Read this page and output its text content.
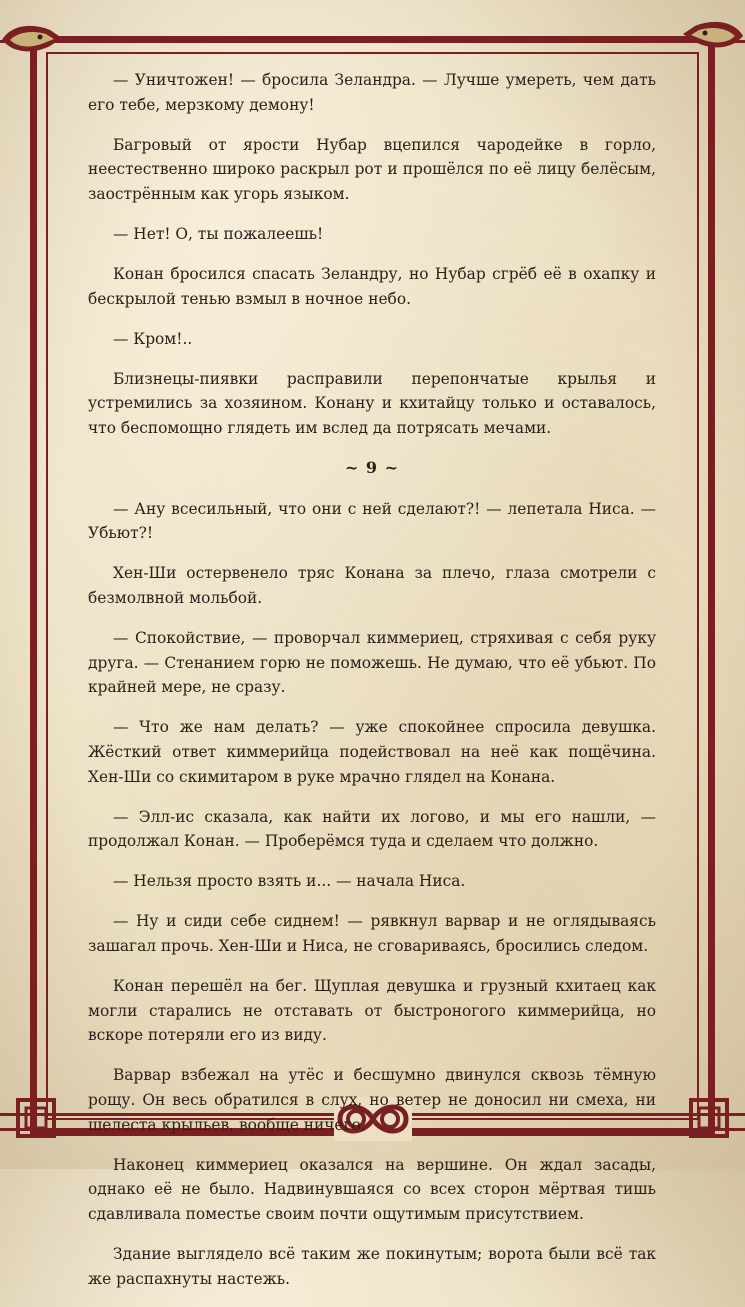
— Уничтожен! — бросила Зеландра. — Лучше умереть, чем дать его тебе, мерзкому демону!

Багровый от ярости Нубар вцепился чародейке в горло, неестественно широко раскрыл рот и прошёлся по её лицу белёсым, заострённым как угорь языком.

— Нет! О, ты пожалеешь!

Конан бросился спасать Зеландру, но Нубар сгрёб её в охапку и бескрылой тенью взмыл в ночное небо.

— Кром!..

Близнецы-пиявки расправили перепончатые крылья и устремились за хозяином. Конану и кхитайцу только и оставалось, что беспомощно глядеть им вслед да потрясать мечами.

~ 9 ~

— Ану всесильный, что они с ней сделают?! — лепетала Ниса. — Убьют?!

Хен-Ши остервенело тряс Конана за плечо, глаза смотрели с безмолвной мольбой.

— Спокойствие, — проворчал киммериец, стряхивая с себя руку друга. — Стенанием горю не поможешь. Не думаю, что её убьют. По крайней мере, не сразу.

— Что же нам делать? — уже спокойнее спросила девушка. Жёсткий ответ киммерийца подействовал на неё как пощёчина. Хен-Ши со скимитаром в руке мрачно глядел на Конана.

— Элл-ис сказала, как найти их логово, и мы его нашли, — продолжал Конан. — Проберёмся туда и сделаем что должно.

— Нельзя просто взять и... — начала Ниса.

— Ну и сиди себе сиднем! — рявкнул варвар и не оглядываясь зашагал прочь. Хен-Ши и Ниса, не сговариваясь, бросились следом.

Конан перешёл на бег. Щуплая девушка и грузный кхитаец как могли старались не отставать от быстроногого киммерийца, но вскоре потеряли его из виду.

Варвар взбежал на утёс и бесшумно двинулся сквозь тёмную рощу. Он весь обратился в слух, но ветер не доносил ни смеха, ни шелеста крыльев, вообще ничего.

Наконец киммериец оказался на вершине. Он ждал засады, однако её не было. Надвинувшаяся со всех сторон мёртвая тишь сдавливала поместье своим почти ощутимым присутствием.

Здание выглядело всё таким же покинутым; ворота были всё так же распахнуты настежь.
